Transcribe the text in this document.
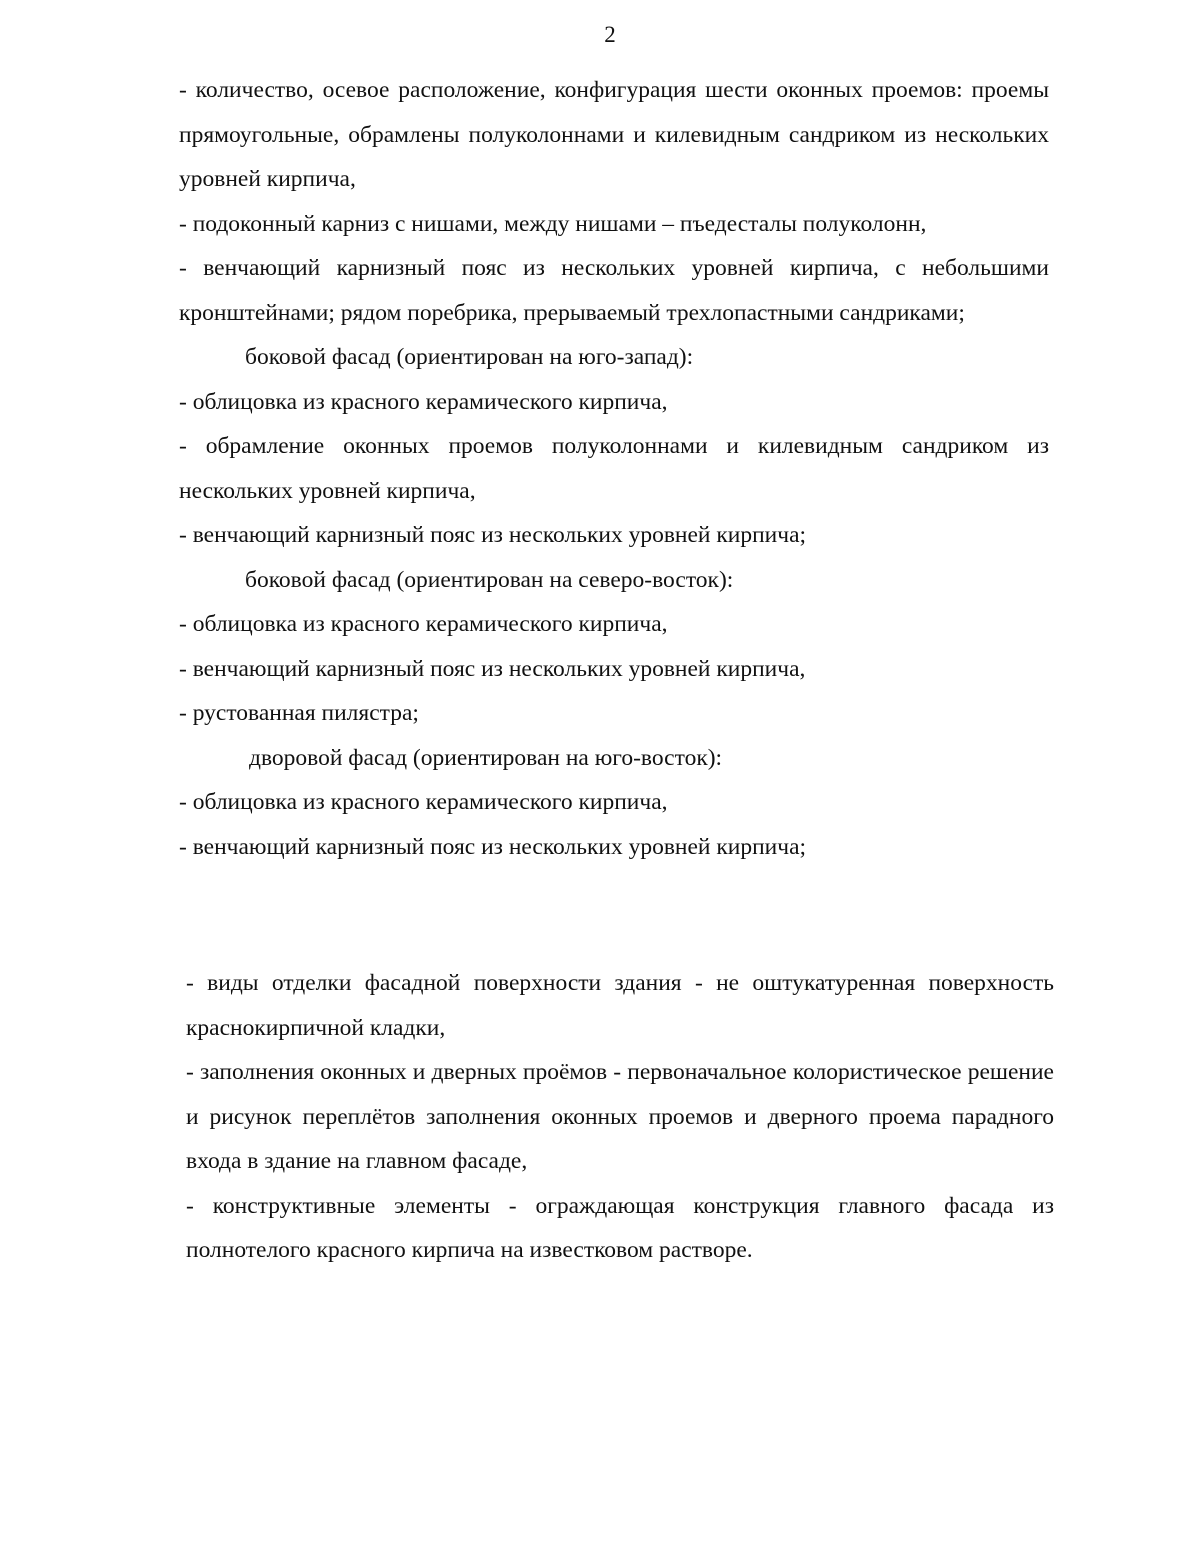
2

- количество, осевое расположение, конфигурация шести оконных проемов: проемы прямоугольные, обрамлены полуколоннами и килевидным сандриком из нескольких уровней кирпича,

- подоконный карниз с нишами, между нишами – пъедесталы полуколонн,

- венчающий карнизный пояс из нескольких уровней кирпича, с небольшими кронштейнами; рядом поребрика, прерываемый трехлопастными сандриками;

боковой фасад (ориентирован на юго-запад):

- облицовка из красного керамического кирпича,

- обрамление оконных проемов полуколоннами и килевидным сандриком из нескольких уровней кирпича,

- венчающий карнизный пояс из нескольких уровней кирпича;

боковой фасад (ориентирован на северо-восток):

- облицовка из красного керамического кирпича,

- венчающий карнизный пояс из нескольких уровней кирпича,

- рустованная пилястра;

дворовой фасад (ориентирован на юго-восток):

- облицовка из красного керамического кирпича,

- венчающий карнизный пояс из нескольких уровней кирпича;

- виды отделки фасадной поверхности здания - не оштукатуренная поверхность краснокирпичной кладки,

- заполнения оконных и дверных проёмов - первоначальное колористическое решение и рисунок переплётов заполнения оконных проемов и дверного проема парадного входа в здание на главном фасаде,

- конструктивные элементы - ограждающая конструкция главного фасада из полнотелого красного кирпича на известковом растворе.
